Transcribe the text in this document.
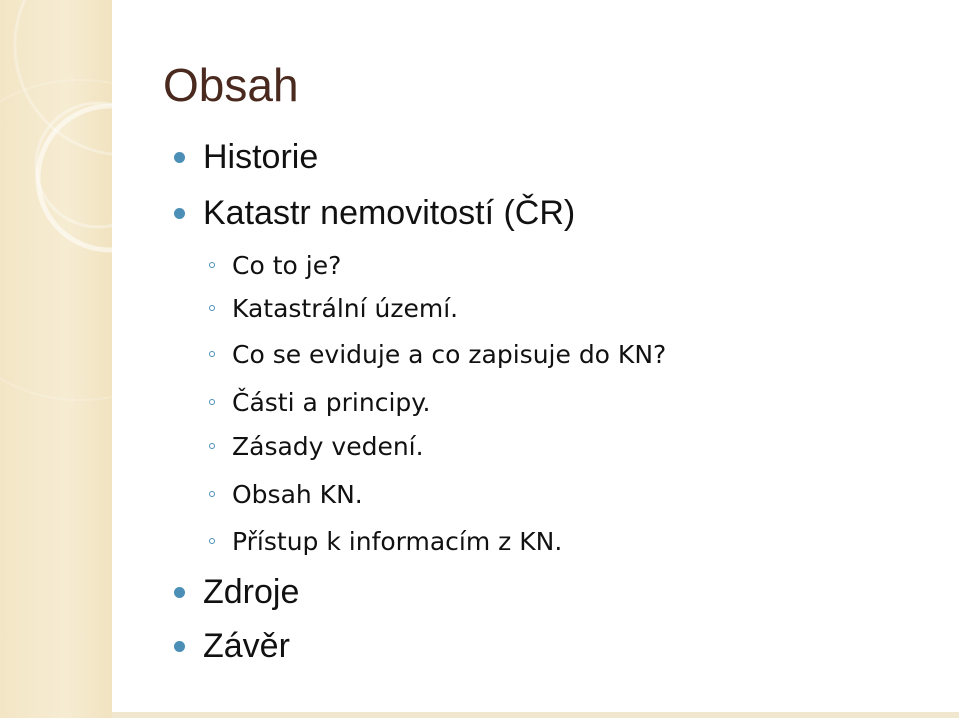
Obsah
Historie
Katastr nemovitostí (ČR)
Co to je?
Katastrální území.
Co se eviduje a co zapisuje do KN?
Části a principy.
Zásady vedení.
Obsah KN.
Přístup k informacím z KN.
Zdroje
Závěr
